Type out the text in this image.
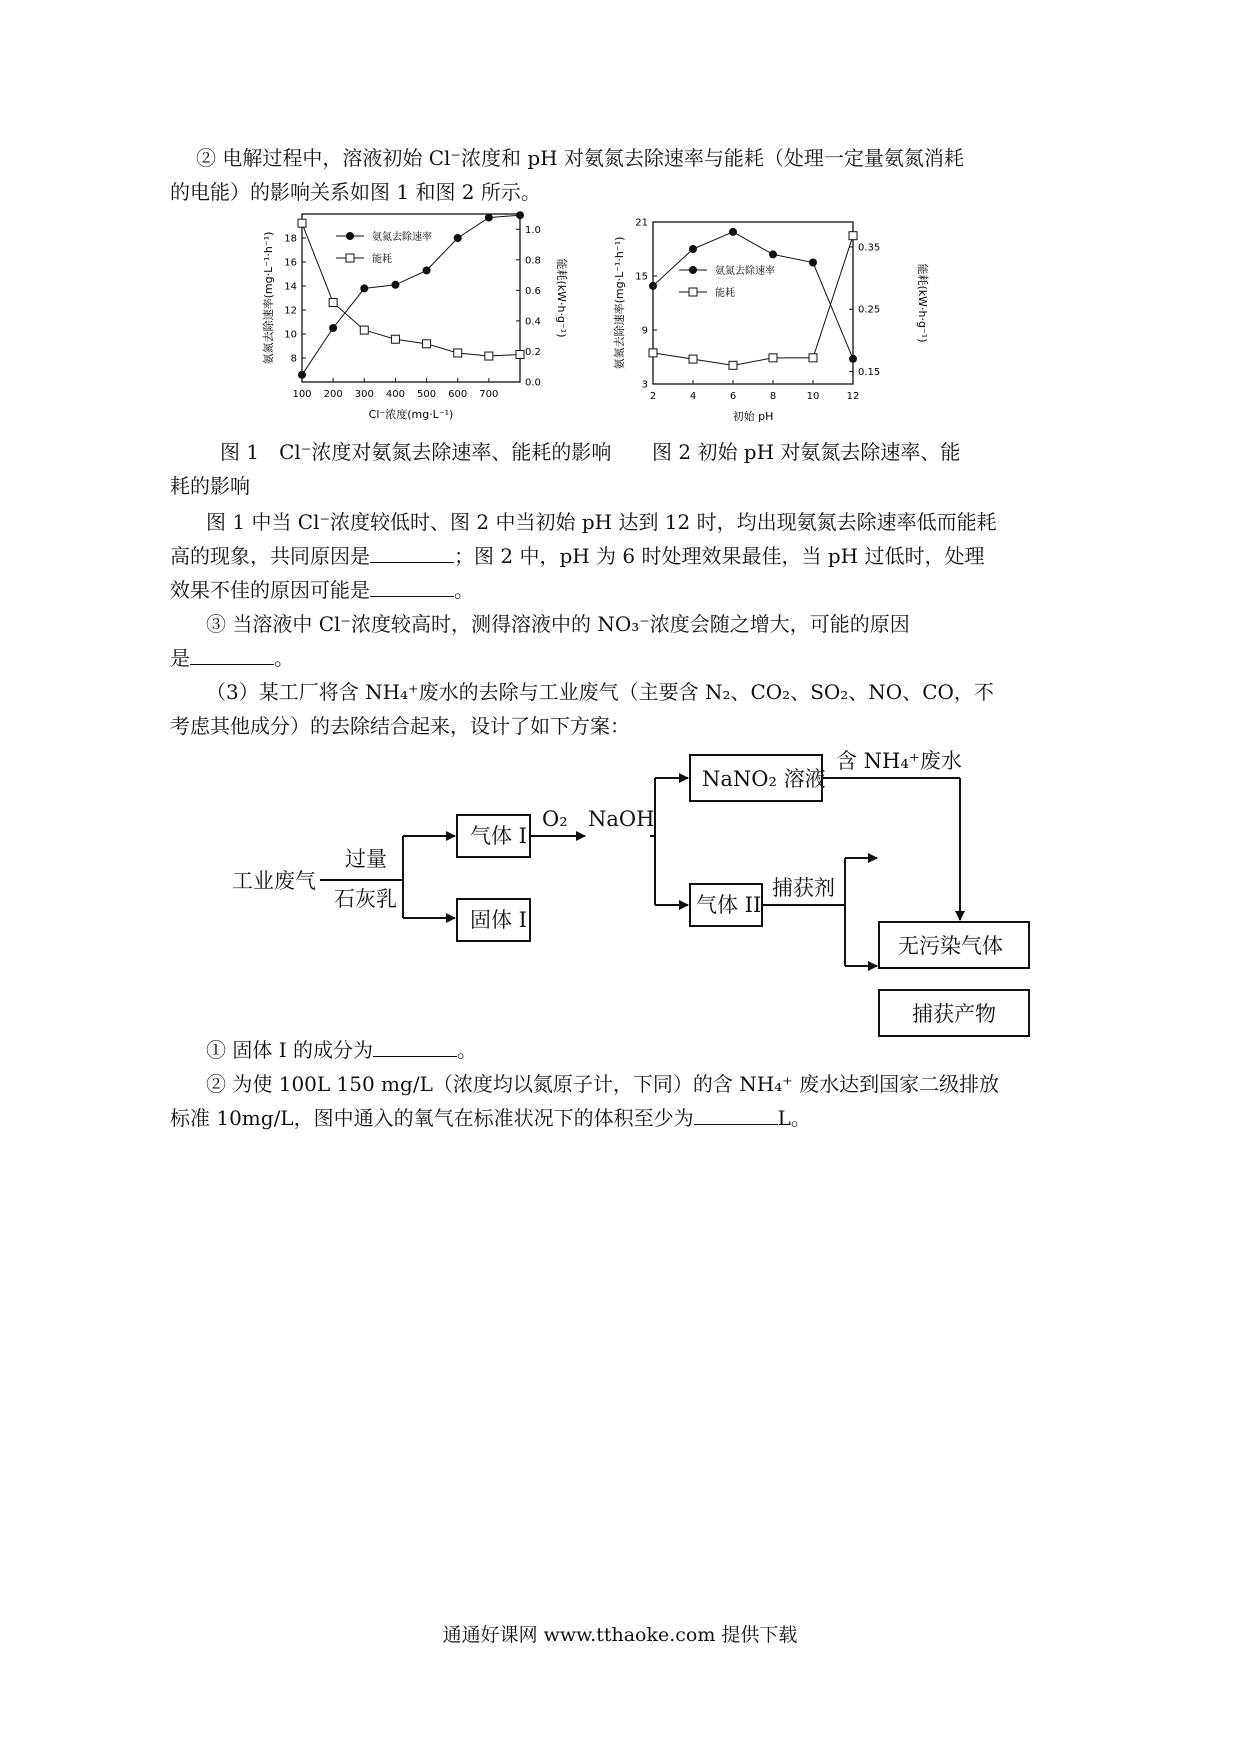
② 电解过程中，溶液初始 Cl⁻浓度和 pH 对氨氮去除速率与能耗（处理一定量氨氮消耗

的电能）的影响关系如图 1 和图 2 所示。

100 200 300 400 500 600 700
8
10
12
14
16
18
0.0
0.2
0.4
0.6
0.8
1.0
Cl⁻浓度(mg·L⁻¹)
氨氮去除速率(mg·L⁻¹·h⁻¹)	能耗(kW·h·g⁻¹)
氨氮去除速率
能耗
2	4	6	8	10	12
3
9
15
21
0.15
0.25
0.35
初始 pH
氨氮去除速率(mg·L⁻¹·h⁻¹)	能耗(kW·h·g⁻¹)
氨氮去除速率
能耗
图 1　Cl⁻浓度对氨氮去除速率、能耗的影响 图 2 初始 pH 对氨氮去除速率、能
耗的影响

图 1 中当 Cl⁻浓度较低时、图 2 中当初始 pH 达到 12 时，均出现氨氮去除速率低而能耗

高的现象，共同原因是	；图 2 中，pH 为 6 时处理效果最佳，当 pH 过低时，处理

效果不佳的原因可能是	。

③ 当溶液中 Cl⁻浓度较高时，测得溶液中的 NO₃⁻浓度会随之增大，可能的原因

是	。

（3）某工厂将含 NH₄⁺废水的去除与工业废气（主要含 N₂、CO₂、SO₂、NO、CO，不

考虑其他成分）的去除结合起来，设计了如下方案：

工业废气
过量
石灰乳
气体 I
固体 I
O₂ NaOH
NaNO₂ 溶液
含 NH₄⁺废水
气体 II
捕获剂
无污染气体
捕获产物

① 固体 I 的成分为	。

② 为使 100L 150 mg/L（浓度均以氮原子计，下同）的含 NH₄⁺ 废水达到国家二级排放

标准 10mg/L，图中通入的氧气在标准状况下的体积至少为	L。

通通好课网 www.tthaoke.com 提供下载
